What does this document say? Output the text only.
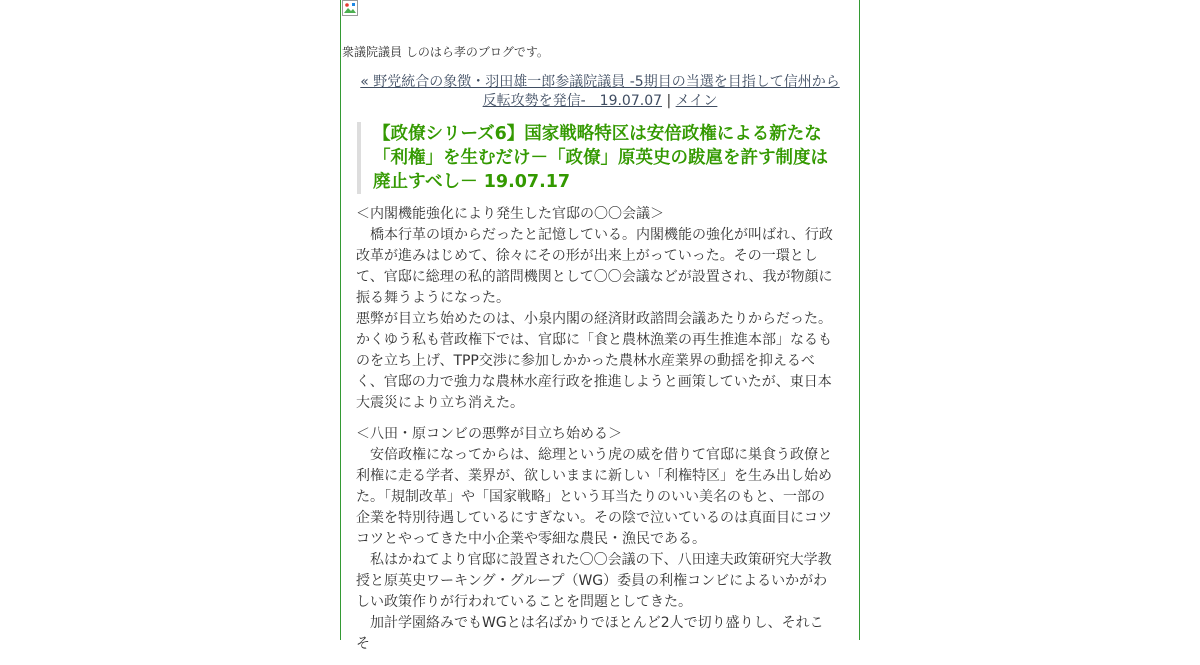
衆議院議員 しのはら孝のブログです。
« 野党統合の象徴・羽田雄一郎参議院議員 -5期目の当選を目指して信州から反転攻勢を発信-　19.07.07 | メイン
【政僚シリーズ6】国家戦略特区は安倍政権による新たな「利権」を生むだけ－「政僚」原英史の跋扈を許す制度は廃止すべし－ 19.07.17

＜内閣機能強化により発生した官邸の〇〇会議＞
　橋本行革の頃からだったと記憶している。内閣機能の強化が叫ばれ、行政改革が進みはじめて、徐々にその形が出来上がっていった。その一環として、官邸に総理の私的諮問機関として〇〇会議などが設置され、我が物顔に振る舞うようになった。
悪弊が目立ち始めたのは、小泉内閣の経済財政諮問会議あたりからだった。かくゆう私も菅政権下では、官邸に「食と農林漁業の再生推進本部」なるものを立ち上げ、TPP交渉に参加しかかった農林水産業界の動揺を抑えるべく、官邸の力で強力な農林水産行政を推進しようと画策していたが、東日本大震災により立ち消えた。

＜八田・原コンビの悪弊が目立ち始める＞
　安倍政権になってからは、総理という虎の威を借りて官邸に巣食う政僚と利権に走る学者、業界が、欲しいままに新しい「利権特区」を生み出し始めた。「規制改革」や「国家戦略」という耳当たりのいい美名のもと、一部の企業を特別待遇しているにすぎない。その陰で泣いているのは真面目にコツコツとやってきた中小企業や零細な農民・漁民である。
　私はかねてより官邸に設置された〇〇会議の下、八田達夫政策研究大学教授と原英史ワーキング・グループ（WG）委員の利権コンビによるいかがわしい政策作りが行われていることを問題としてきた。
　加計学園絡みでもWGとは名ばかりでほとんど2人で切り盛りし、それこそ
